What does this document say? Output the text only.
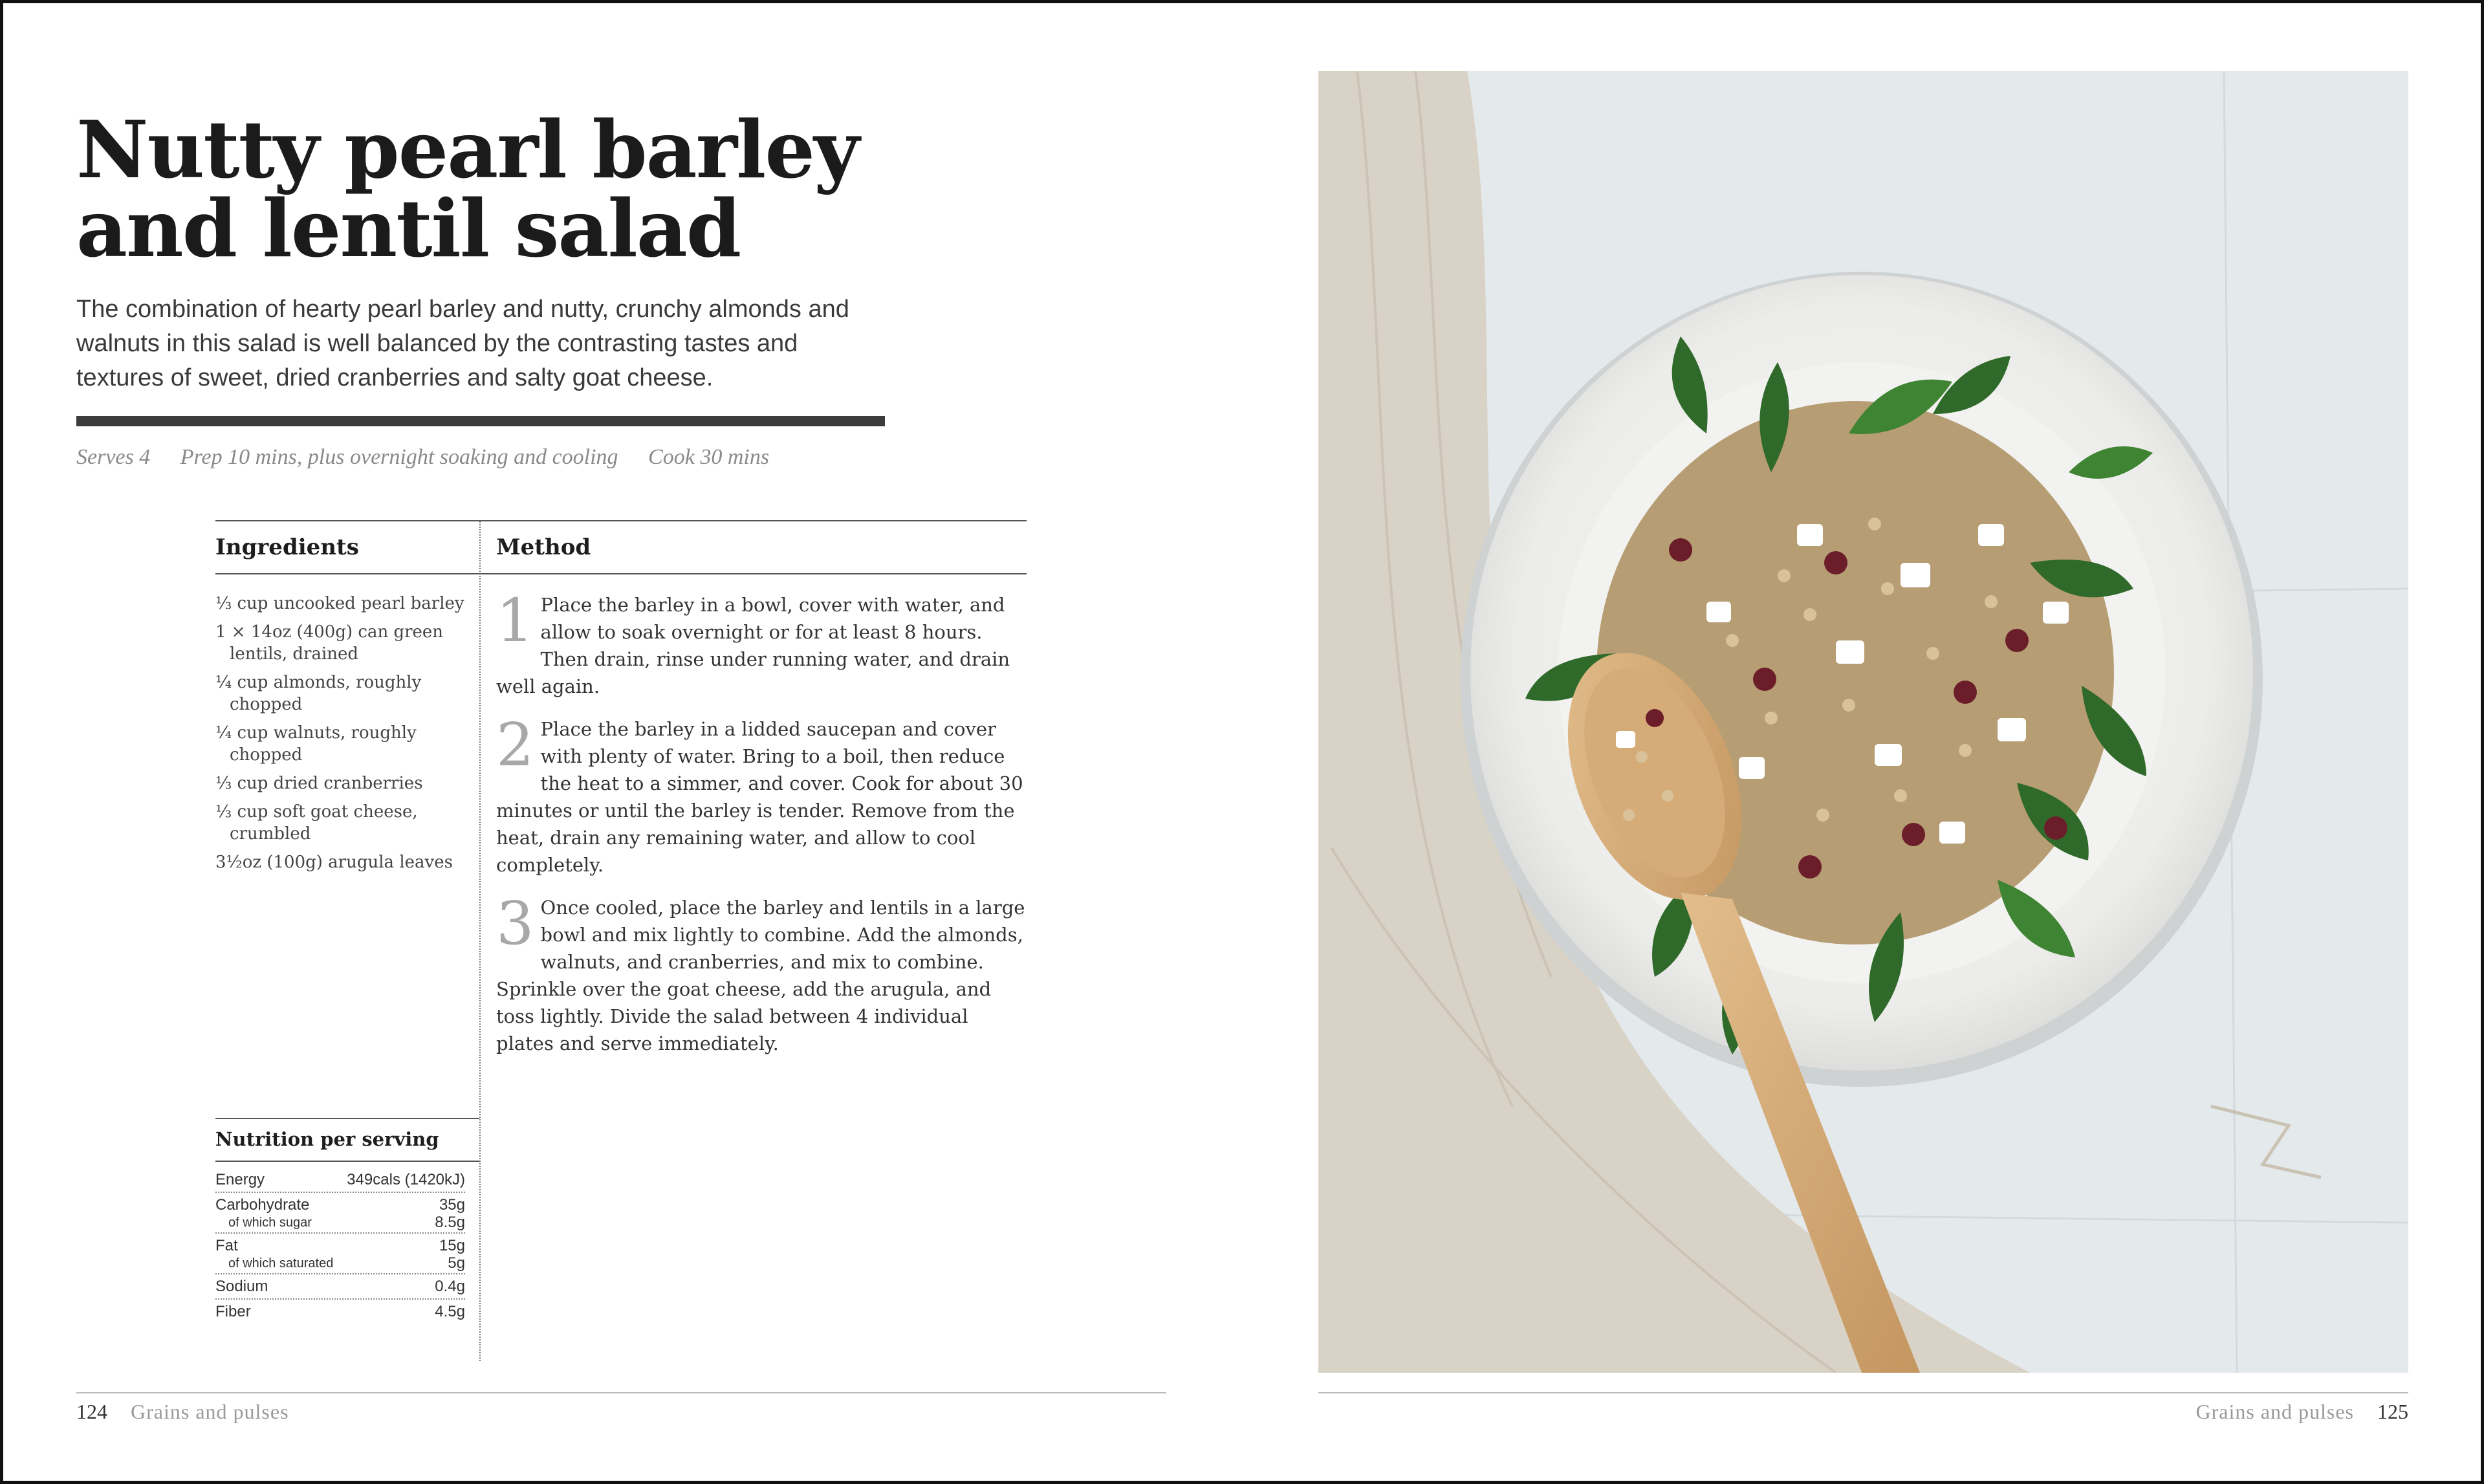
Nutty pearl barley
and lentil salad

The combination of hearty pearl barley and nutty, crunchy almonds and walnuts in this salad is well balanced by the contrasting tastes and textures of sweet, dried cranberries and salty goat cheese.

Serves 4 Prep 10 mins, plus overnight soaking and cooling Cook 30 mins
Ingredients	Method
⅓ cup uncooked pearl barley
1 × 14oz (400g) can green lentils, drained
¼ cup almonds, roughly chopped
¼ cup walnuts, roughly chopped
⅓ cup dried cranberries
⅓ cup soft goat cheese, crumbled
3½oz (100g) arugula leaves
1 Place the barley in a bowl, cover with water, and allow to soak overnight or for at least 8 hours. Then drain, rinse under running water, and drain well again.
2 Place the barley in a lidded saucepan and cover with plenty of water. Bring to a boil, then reduce the heat to a simmer, and cover. Cook for about 30 minutes or until the barley is tender. Remove from the heat, drain any remaining water, and allow to cool completely.
3 Once cooled, place the barley and lentils in a large bowl and mix lightly to combine. Add the almonds, walnuts, and cranberries, and mix to combine. Sprinkle over the goat cheese, add the arugula, and toss lightly. Divide the salad between 4 individual plates and serve immediately.
Nutrition per serving
Energy	349cals (1420kJ)
Carbohydrate	35g
of which sugar	8.5g
Fat	15g
of which saturated	5g
Sodium	0.4g
Fiber	4.5g
124 Grains and pulses	Grains and pulses 125
